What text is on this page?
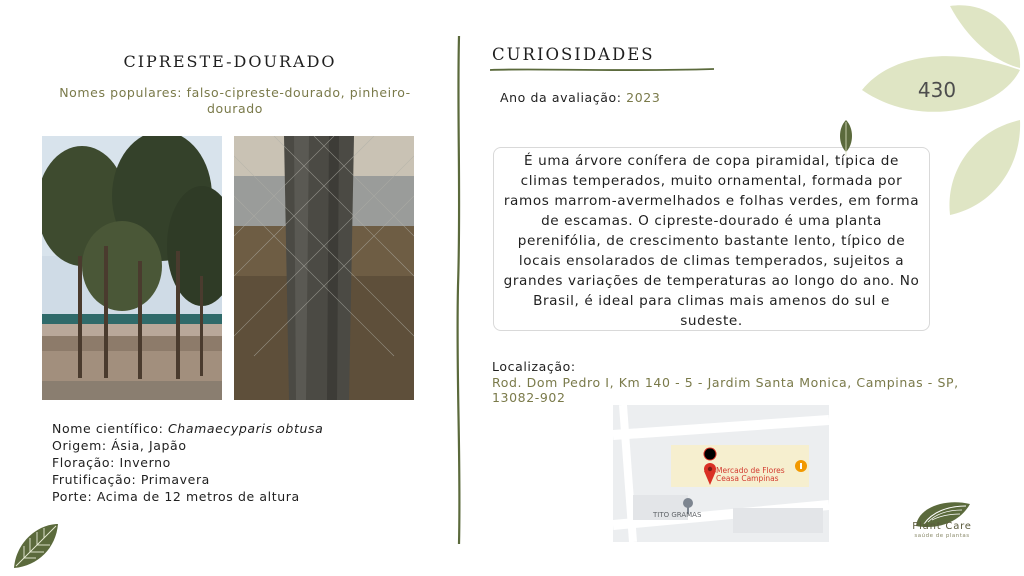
CIPRESTE-DOURADO
Nomes populares: falso-cipreste-dourado, pinheiro-dourado
Nome científico: Chamaecyparis obtusa
Origem: Ásia, Japão
Floração: Inverno
Frutificação: Primavera
Porte: Acima de 12 metros de altura
CURIOSIDADES
Ano da avaliação: 2023
É uma árvore conífera de copa piramidal, típica de climas temperados, muito ornamental, formada por ramos marrom-avermelhados e folhas verdes, em forma de escamas. O cipreste-dourado é uma planta perenifólia, de crescimento bastante lento, típico de locais ensolarados de climas temperados, sujeitos a grandes variações de temperaturas ao longo do ano. No Brasil, é ideal para climas mais amenos do sul e sudeste.
Localização:
Rod. Dom Pedro I, Km 140 - 5 - Jardim Santa Monica, Campinas - SP, 13082-902
Mercado de Flores
Ceasa Campinas
TITO GRAMAS
430
Plant Care
saúde de plantas
